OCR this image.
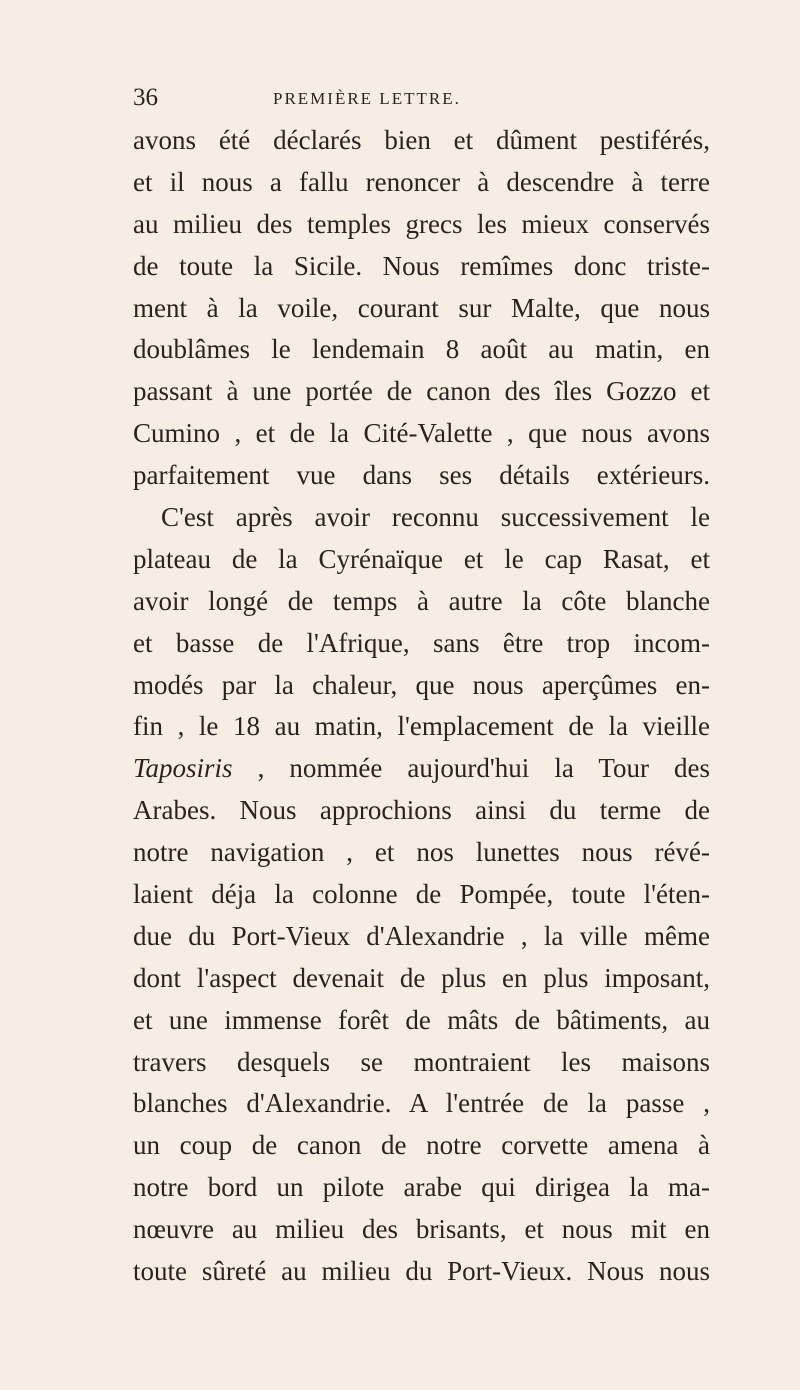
36	PREMIÈRE LETTRE.
avons été déclarés bien et dûment pestiférés,
et il nous a fallu renoncer à descendre à terre
au milieu des temples grecs les mieux conservés
de toute la Sicile. Nous remîmes donc triste-
ment à la voile, courant sur Malte, que nous
doublâmes le lendemain 8 août au matin, en
passant à une portée de canon des îles Gozzo et
Cumino , et de la Cité-Valette , que nous avons
parfaitement vue dans ses détails extérieurs.
C'est après avoir reconnu successivement le
plateau de la Cyrénaïque et le cap Rasat, et
avoir longé de temps à autre la côte blanche
et basse de l'Afrique, sans être trop incom-
modés par la chaleur, que nous aperçûmes en-
fin , le 18 au matin, l'emplacement de la vieille
Taposiris , nommée aujourd'hui la Tour des
Arabes. Nous approchions ainsi du terme de
notre navigation , et nos lunettes nous révé-
laient déja la colonne de Pompée, toute l'éten-
due du Port-Vieux d'Alexandrie , la ville même
dont l'aspect devenait de plus en plus imposant,
et une immense forêt de mâts de bâtiments, au
travers desquels se montraient les maisons
blanches d'Alexandrie. A l'entrée de la passe ,
un coup de canon de notre corvette amena à
notre bord un pilote arabe qui dirigea la ma-
nœuvre au milieu des brisants, et nous mit en
toute sûreté au milieu du Port-Vieux. Nous nous
